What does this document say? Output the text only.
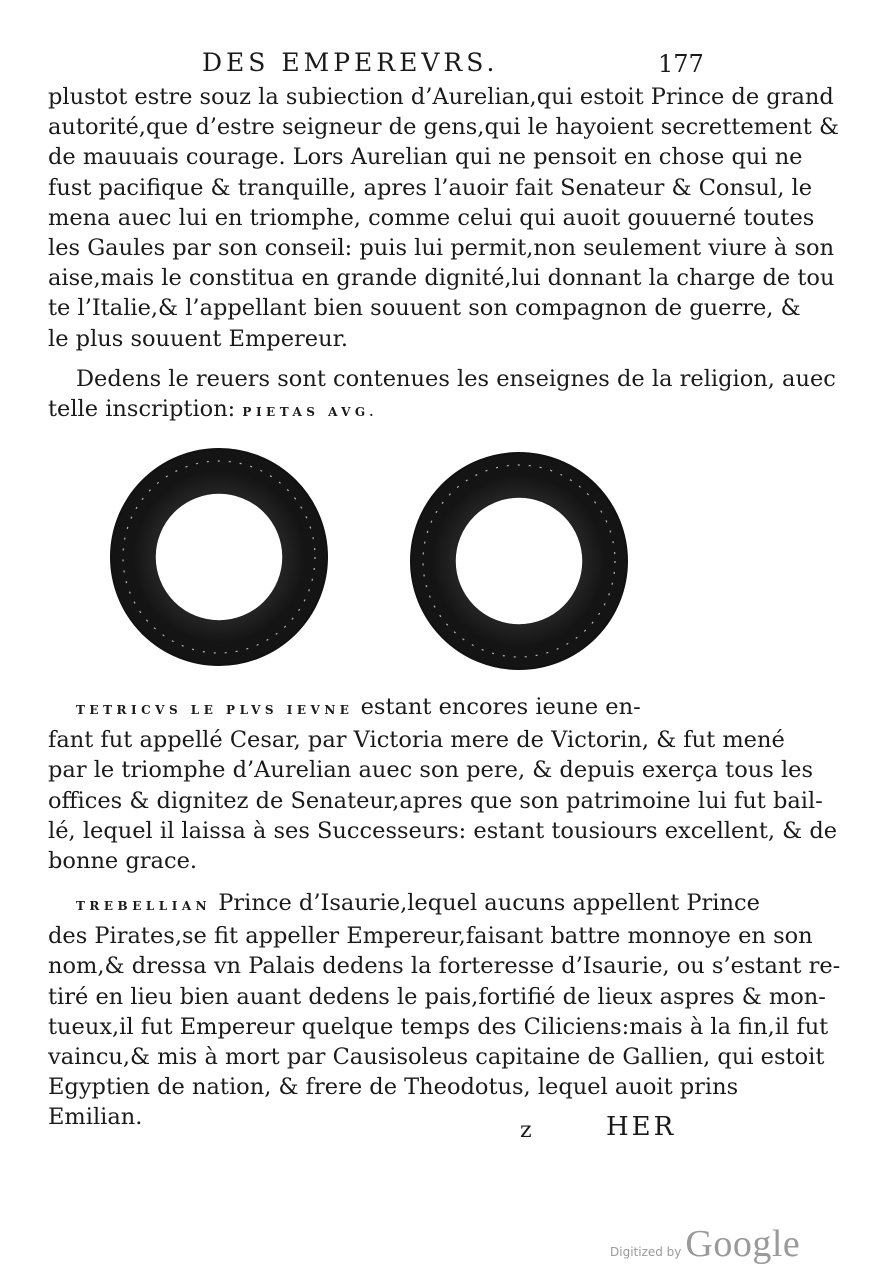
DES EMPEREVRS.	177

plustot estre souz la subiection d’Aurelian,qui estoit Prince de grand
autorité,que d’estre seigneur de gens,qui le hayoient secrettement &
de mauuais courage. Lors Aurelian qui ne pensoit en chose qui ne
fust pacifique & tranquille, apres l’auoir fait Senateur & Consul, le
mena auec lui en triomphe, comme celui qui auoit gouuerné toutes
les Gaules par son conseil: puis lui permit,non seulement viure à son
aise,mais le constitua en grande dignité,lui donnant la charge de tou
te l’Italie,& l’appellant bien souuent son compagnon de guerre, &
le plus souuent Empereur.

Dedens le reuers sont contenues les enseignes de la religion, auec
telle inscription: PIETAS AVG.

TETRICVS LE PLVS IEVNE estant encores ieune en-
fant fut appellé Cesar, par Victoria mere de Victorin, & fut mené
par le triomphe d’Aurelian auec son pere, & depuis exerça tous les
offices & dignitez de Senateur,apres que son patrimoine lui fut bail-
lé, lequel il laissa à ses Successeurs: estant tousiours excellent, & de
bonne grace.

TREBELLIAN Prince d’Isaurie,lequel aucuns appellent Prince
des Pirates,se fit appeller Empereur,faisant battre monnoye en son
nom,& dressa vn Palais dedens la forteresse d’Isaurie, ou s’estant re-
tiré en lieu bien auant dedens le pais,fortifié de lieux aspres & mon-
tueux,il fut Empereur quelque temps des Ciliciens:mais à la fin,il fut
vaincu,& mis à mort par Causisoleus capitaine de Gallien, qui estoit
Egyptien de nation, & frere de Theodotus, lequel auoit prins
Emilian.

z	HER
Digitized by Google
